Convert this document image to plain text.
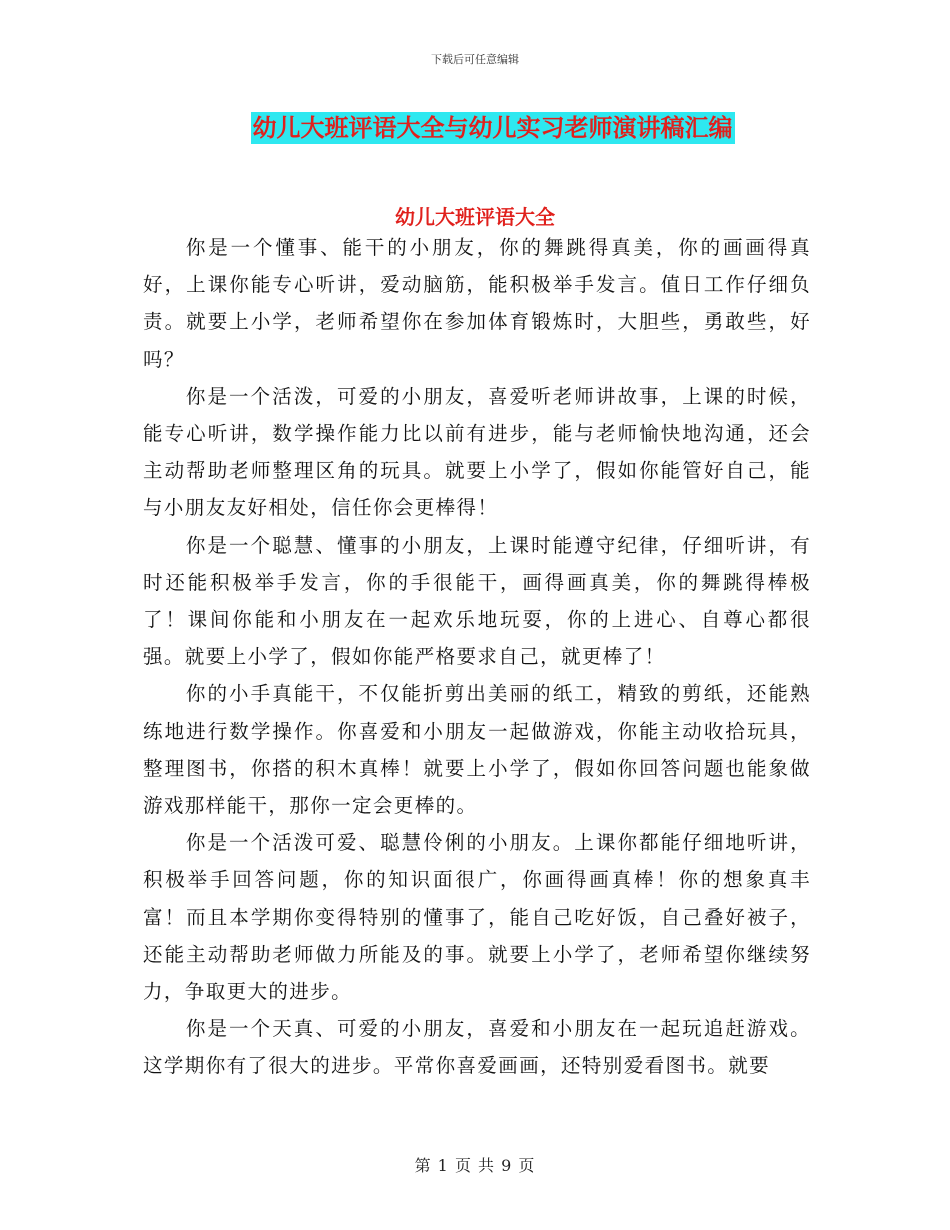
下载后可任意编辑
幼儿大班评语大全与幼儿实习老师演讲稿汇编
幼儿大班评语大全

你是一个懂事、能干的小朋友，你的舞跳得真美，你的画画得真好，上课你能专心听讲，爱动脑筋，能积极举手发言。值日工作仔细负责。就要上小学，老师希望你在参加体育锻炼时，大胆些，勇敢些，好吗？

你是一个活泼，可爱的小朋友，喜爱听老师讲故事，上课的时候，能专心听讲，数学操作能力比以前有进步，能与老师愉快地沟通，还会主动帮助老师整理区角的玩具。就要上小学了，假如你能管好自己，能与小朋友友好相处，信任你会更棒得！

你是一个聪慧、懂事的小朋友，上课时能遵守纪律，仔细听讲，有时还能积极举手发言，你的手很能干，画得画真美，你的舞跳得棒极了！课间你能和小朋友在一起欢乐地玩耍，你的上进心、自尊心都很强。就要上小学了，假如你能严格要求自己，就更棒了！

你的小手真能干，不仅能折剪出美丽的纸工，精致的剪纸，还能熟练地进行数学操作。你喜爱和小朋友一起做游戏，你能主动收拾玩具，整理图书，你搭的积木真棒！就要上小学了，假如你回答问题也能象做游戏那样能干，那你一定会更棒的。

你是一个活泼可爱、聪慧伶俐的小朋友。上课你都能仔细地听讲，积极举手回答问题，你的知识面很广，你画得画真棒！你的想象真丰富！而且本学期你变得特别的懂事了，能自己吃好饭，自己叠好被子，还能主动帮助老师做力所能及的事。就要上小学了，老师希望你继续努力，争取更大的进步。

你是一个天真、可爱的小朋友，喜爱和小朋友在一起玩追赶游戏。这学期你有了很大的进步。平常你喜爱画画，还特别爱看图书。就要

第 1 页 共 9 页
